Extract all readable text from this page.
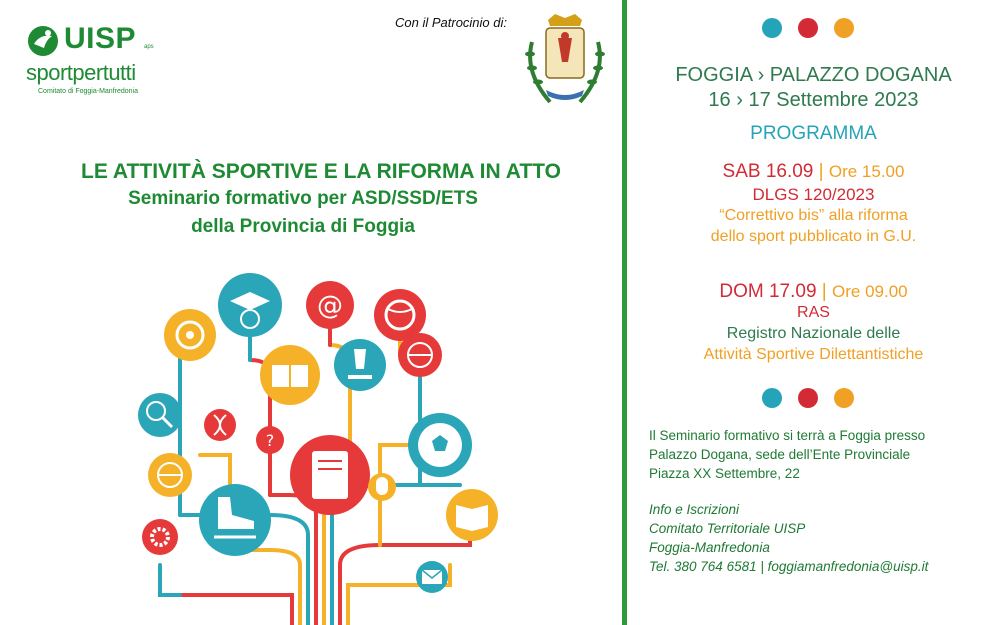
UISP aps
sportpertutti
Comitato di Foggia-Manfredonia
Con il Patrocinio di:
LE ATTIVITÀ SPORTIVE E LA RIFORMA IN ATTO
Seminario formativo per ASD/SSD/ETS
della Provincia di Foggia
@
?
FOGGIA › PALAZZO DOGANA
16 › 17 Settembre 2023
PROGRAMMA
SAB 16.09 | Ore 15.00
DLGS 120/2023
“Correttivo bis” alla riforma
dello sport pubblicato in G.U.
DOM 17.09 | Ore 09.00
RAS
Registro Nazionale delle
Attività Sportive Dilettantistiche
Il Seminario formativo si terrà a Foggia presso
Palazzo Dogana, sede dell’Ente Provinciale
Piazza XX Settembre, 22
Info e Iscrizioni
Comitato Territoriale UISP
Foggia-Manfredonia
Tel. 380 764 6581 | foggiamanfredonia@uisp.it
